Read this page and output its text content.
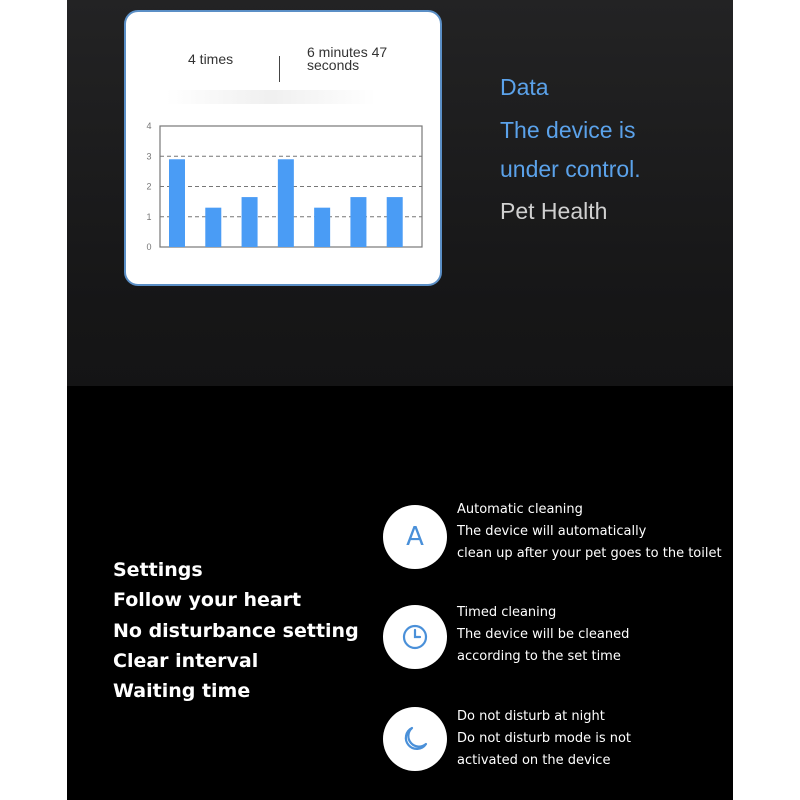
4 times	6 minutes 47
seconds
0
1
2
3
4
Data
The device is
under control.
Pet Health
Settings
Follow your heart
No disturbance setting
Clear interval
Waiting time
A
Automatic cleaning
The device will automatically
clean up after your pet goes to the toilet
Timed cleaning
The device will be cleaned
according to the set time
Do not disturb at night
Do not disturb mode is not
activated on the device
